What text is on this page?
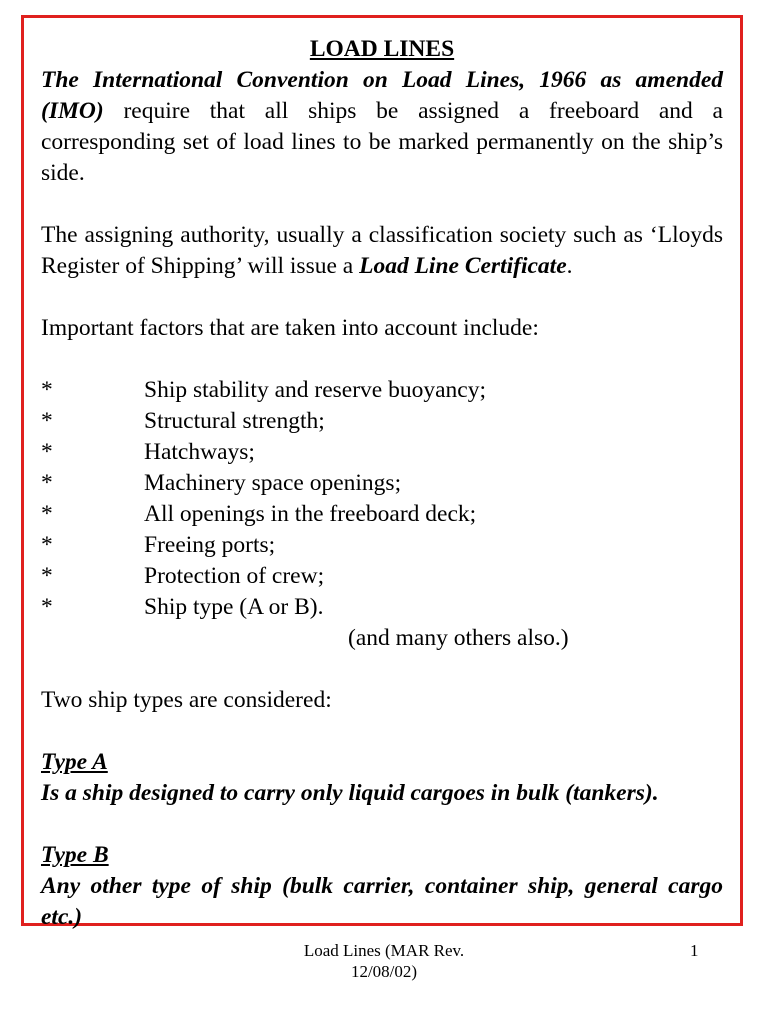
LOAD LINES
The International Convention on Load Lines, 1966 as amended (IMO) require that all ships be assigned a freeboard and a corresponding set of load lines to be marked permanently on the ship’s side.
The assigning authority, usually a classification society such as ‘Lloyds Register of Shipping’ will issue a Load Line Certificate.
Important factors that are taken into account include:
*	Ship stability and reserve buoyancy;
*	Structural strength;
*	Hatchways;
*	Machinery space openings;
*	All openings in the freeboard deck;
*	Freeing ports;
*	Protection of crew;
*	Ship type (A or B).
(and many others also.)
Two ship types are considered:
Type A
Is a ship designed to carry only liquid cargoes in bulk (tankers).
Type B
Any other type of ship (bulk carrier, container ship, general cargo etc.)
Load Lines (MAR Rev. 12/08/02)
1
